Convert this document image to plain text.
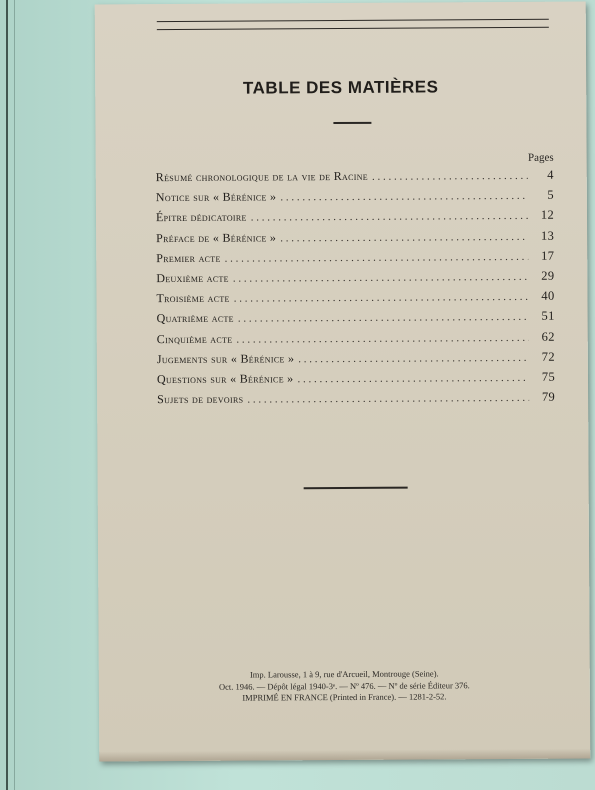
TABLE DES MATIÈRES
Pages
Résumé chronologique de la vie de Racine . . .	4
Notice sur « Bérénice » . . .	5
Épitre dédicatoire . . .	12
Préface de « Bérénice » . . .	13
Premier acte . . .	17
Deuxième acte . . .	29
Troisième acte . . .	40
Quatrième acte . . .	51
Cinquième acte . . .	62
Jugements sur « Bérénice » . . .	72
Questions sur « Bérénice » . . .	75
Sujets de devoirs . . .	79
Imp. Larousse, 1 à 9, rue d'Arcueil, Montrouge (Seine).
Oct. 1946. — Dépôt légal 1940-3ᵉ. — Nº 476. — Nº de série Éditeur 376.
IMPRIMÉ EN FRANCE (Printed in France). — 1281-2-52.
